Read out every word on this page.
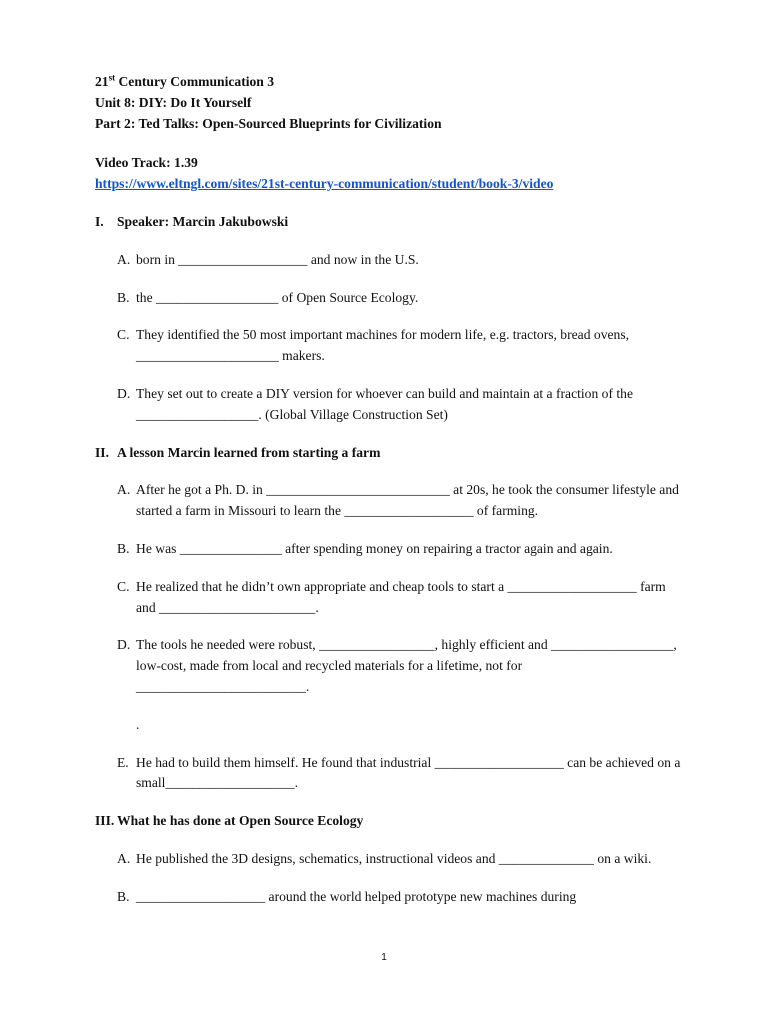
21st Century Communication 3
Unit 8: DIY: Do It Yourself
Part 2: Ted Talks: Open-Sourced Blueprints for Civilization
Video Track: 1.39
https://www.eltngl.com/sites/21st-century-communication/student/book-3/video
I. Speaker: Marcin Jakubowski
A. born in ___________________ and now in the U.S.
B. the __________________ of Open Source Ecology.
C. They identified the 50 most important machines for modern life, e.g. tractors, bread ovens, _____________________ makers.
D. They set out to create a DIY version for whoever can build and maintain at a fraction of the __________________. (Global Village Construction Set)
II. A lesson Marcin learned from starting a farm
A. After he got a Ph. D. in ___________________________ at 20s, he took the consumer lifestyle and started a farm in Missouri to learn the ___________________ of farming.
B. He was _______________ after spending money on repairing a tractor again and again.
C. He realized that he didn’t own appropriate and cheap tools to start a ___________________ farm and _______________________.
D. The tools he needed were robust, _________________, highly efficient and __________________, low-cost, made from local and recycled materials for a lifetime, not for _________________________.
.
E. He had to build them himself. He found that industrial ___________________ can be achieved on a small___________________.
III. What he has done at Open Source Ecology
A. He published the 3D designs, schematics, instructional videos and ______________ on a wiki.
B. ___________________ around the world helped prototype new machines during
1
